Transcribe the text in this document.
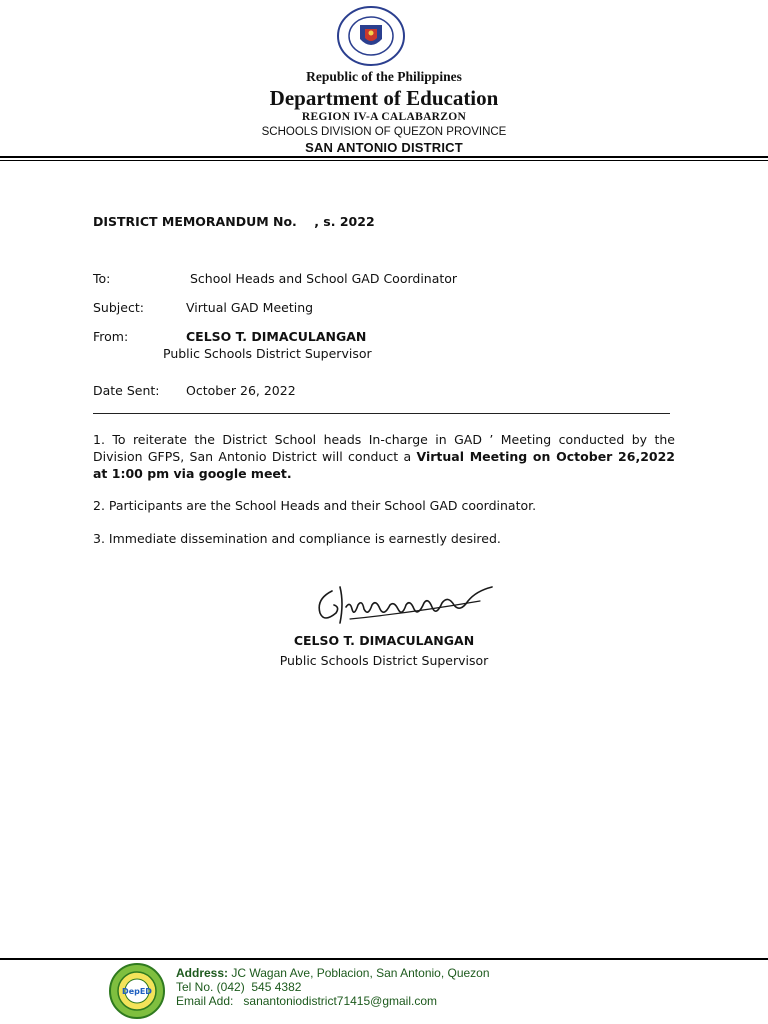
Republic of the Philippines
Department of Education
REGION IV-A CALABARZON
SCHOOLS DIVISION OF QUEZON PROVINCE
SAN ANTONIO DISTRICT
DISTRICT MEMORANDUM No.    , s. 2022
To:	School Heads and School GAD Coordinator
Subject:	Virtual GAD Meeting
From:	CELSO T. DIMACULANGAN
Public Schools District Supervisor
Date Sent: October 26, 2022
1. To reiterate the District School heads In-charge in GAD ’ Meeting conducted by the Division GFPS, San Antonio District will conduct a Virtual Meeting on October 26,2022 at 1:00 pm via google meet.
2. Participants are the School Heads and their School GAD coordinator.
3. Immediate dissemination and compliance is earnestly desired.
CELSO T. DIMACULANGAN
Public Schools District Supervisor
DepED
Address: JC Wagan Ave, Poblacion, San Antonio, Quezon
Tel No. (042)  545 4382
Email Add: sanantoniodistrict71415@gmail.com
